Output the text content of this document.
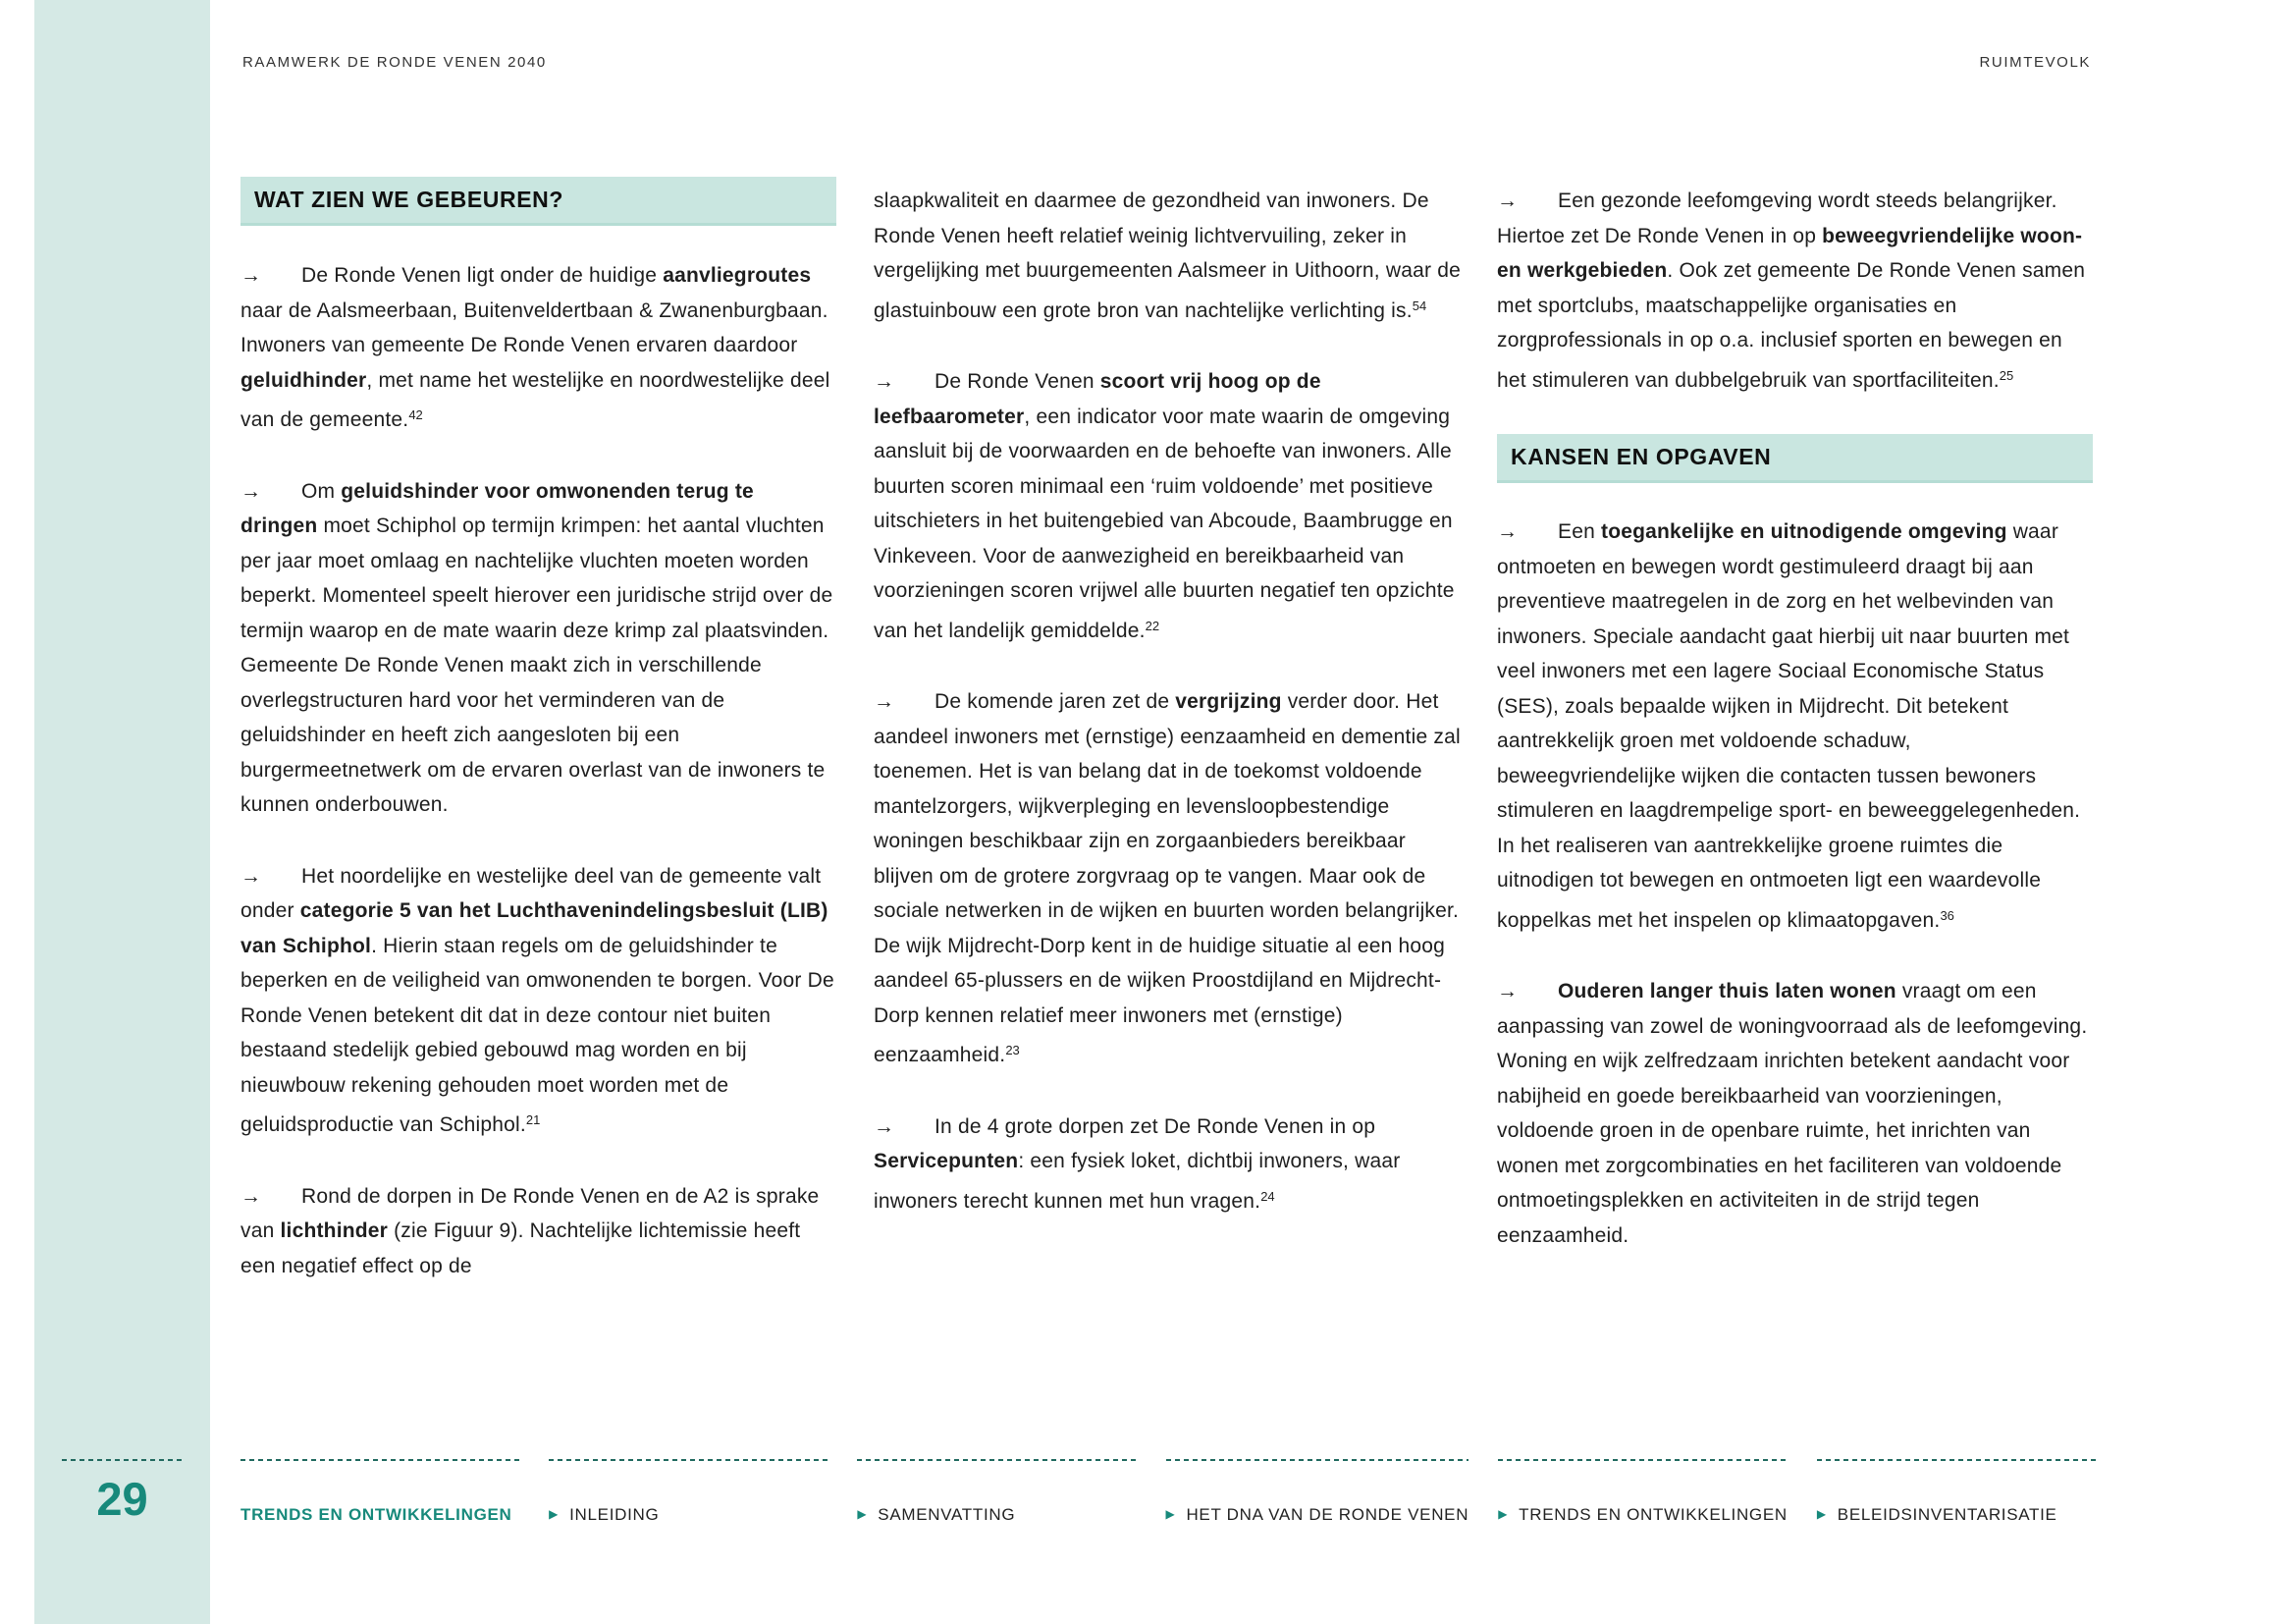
RAAMWERK DE RONDE VENEN 2040	RUIMTEVOLK
WAT ZIEN WE GEBEUREN?
→ De Ronde Venen ligt onder de huidige aanvliegroutes naar de Aalsmeerbaan, Buitenveldertbaan & Zwanenburgbaan. Inwoners van gemeente De Ronde Venen ervaren daardoor geluidhinder, met name het westelijke en noordwestelijke deel van de gemeente.$^{42}$
→ Om geluidshinder voor omwonenden terug te dringen moet Schiphol op termijn krimpen: het aantal vluchten per jaar moet omlaag en nachtelijke vluchten moeten worden beperkt. Momenteel speelt hierover een juridische strijd over de termijn waarop en de mate waarin deze krimp zal plaatsvinden. Gemeente De Ronde Venen maakt zich in verschillende overlegstructuren hard voor het verminderen van de geluidshinder en heeft zich aangesloten bij een burgermeetnetwerk om de ervaren overlast van de inwoners te kunnen onderbouwen.
→ Het noordelijke en westelijke deel van de gemeente valt onder categorie 5 van het Luchthavenindelingsbesluit (LIB) van Schiphol. Hierin staan regels om de geluidshinder te beperken en de veiligheid van omwonenden te borgen. Voor De Ronde Venen betekent dit dat in deze contour niet buiten bestaand stedelijk gebied gebouwd mag worden en bij nieuwbouw rekening gehouden moet worden met de geluidsproductie van Schiphol.$^{21}$
→ Rond de dorpen in De Ronde Venen en de A2 is sprake van lichthinder (zie Figuur 9). Nachtelijke lichtemissie heeft een negatief effect op de
slaapkwaliteit en daarmee de gezondheid van inwoners. De Ronde Venen heeft relatief weinig lichtvervuiling, zeker in vergelijking met buurgemeenten Aalsmeer in Uithoorn, waar de glastuinbouw een grote bron van nachtelijke verlichting is.$^{54}$
→ De Ronde Venen scoort vrij hoog op de leefbaarometer, een indicator voor mate waarin de omgeving aansluit bij de voorwaarden en de behoefte van inwoners. Alle buurten scoren minimaal een ‘ruim voldoende’ met positieve uitschieters in het buitengebied van Abcoude, Baambrugge en Vinkeveen. Voor de aanwezigheid en bereikbaarheid van voorzieningen scoren vrijwel alle buurten negatief ten opzichte van het landelijk gemiddelde.$^{22}$
→ De komende jaren zet de vergrijzing verder door. Het aandeel inwoners met (ernstige) eenzaamheid en dementie zal toenemen. Het is van belang dat in de toekomst voldoende mantelzorgers, wijkverpleging en levensloopbestendige woningen beschikbaar zijn en zorgaanbieders bereikbaar blijven om de grotere zorgvraag op te vangen. Maar ook de sociale netwerken in de wijken en buurten worden belangrijker. De wijk Mijdrecht-Dorp kent in de huidige situatie al een hoog aandeel 65-plussers en de wijken Proostdijland en Mijdrecht-Dorp kennen relatief meer inwoners met (ernstige) eenzaamheid.$^{23}$
→ In de 4 grote dorpen zet De Ronde Venen in op Servicepunten: een fysiek loket, dichtbij inwoners, waar inwoners terecht kunnen met hun vragen.$^{24}$
→ Een gezonde leefomgeving wordt steeds belangrijker. Hiertoe zet De Ronde Venen in op beweegvriendelijke woon- en werkgebieden. Ook zet gemeente De Ronde Venen samen met sportclubs, maatschappelijke organisaties en zorgprofessionals in op o.a. inclusief sporten en bewegen en het stimuleren van dubbelgebruik van sportfaciliteiten.$^{25}$
KANSEN EN OPGAVEN
→ Een toegankelijke en uitnodigende omgeving waar ontmoeten en bewegen wordt gestimuleerd draagt bij aan preventieve maatregelen in de zorg en het welbevinden van inwoners. Speciale aandacht gaat hierbij uit naar buurten met veel inwoners met een lagere Sociaal Economische Status (SES), zoals bepaalde wijken in Mijdrecht. Dit betekent aantrekkelijk groen met voldoende schaduw, beweegvriendelijke wijken die contacten tussen bewoners stimuleren en laagdrempelige sport- en beweeggelegenheden. In het realiseren van aantrekkelijke groene ruimtes die uitnodigen tot bewegen en ontmoeten ligt een waardevolle koppelkas met het inspelen op klimaatopgaven.$^{36}$
→ Ouderen langer thuis laten wonen vraagt om een aanpassing van zowel de woningvoorraad als de leefomgeving. Woning en wijk zelfredzaam inrichten betekent aandacht voor nabijheid en goede bereikbaarheid van voorzieningen, voldoende groen in de openbare ruimte, het inrichten van wonen met zorgcombinaties en het faciliteren van voldoende ontmoetingsplekken en activiteiten in de strijd tegen eenzaamheid.
29	TRENDS EN ONTWIKKELINGEN	▶ INLEIDING	▶ SAMENVATTING	▶ HET DNA VAN DE RONDE VENEN	▶ TRENDS EN ONTWIKKELINGEN	▶ BELEIDSINVENTARISATIE
